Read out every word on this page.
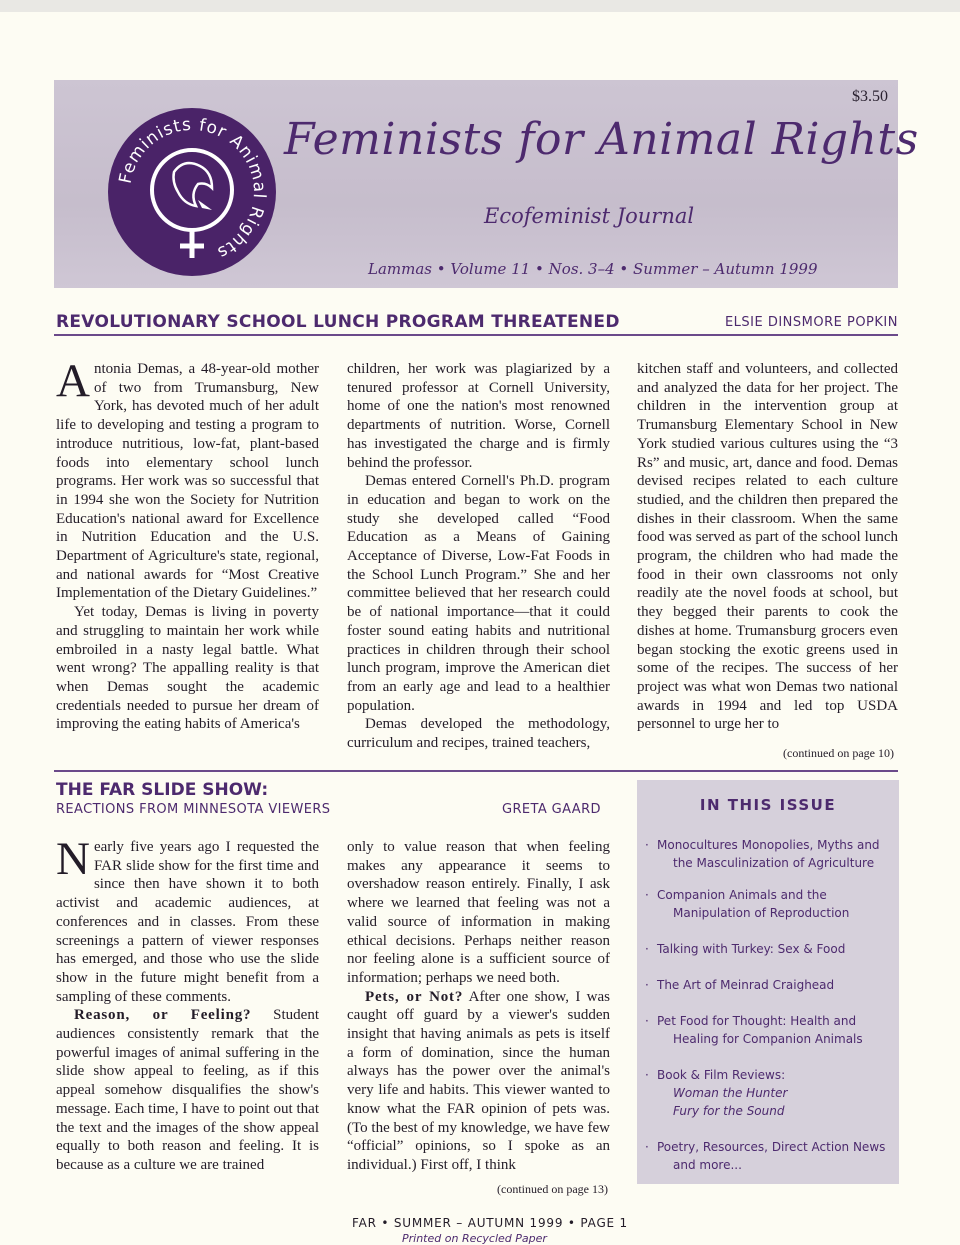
$3.50
Feminists for Animal Rights
Feminists for Animal Rights
Ecofeminist Journal
Lammas • Volume 11 • Nos. 3–4 • Summer – Autumn 1999
REVOLUTIONARY SCHOOL LUNCH PROGRAM THREATENED	ELSIE DINSMORE POPKIN

Antonia Demas, a 48-year-old mother of two from Trumansburg, New York, has devoted much of her adult life to developing and testing a program to introduce nutritious, low-fat, plant-based foods into elementary school lunch programs. Her work was so successful that in 1994 she won the Society for Nutrition Education's national award for Excellence in Nutrition Education and the U.S. Department of Agriculture's state, regional, and national awards for “Most Creative Implementation of the Dietary Guidelines.”

Yet today, Demas is living in poverty and struggling to maintain her work while embroiled in a nasty legal battle. What went wrong? The appalling reality is that when Demas sought the academic credentials needed to pursue her dream of improving the eating habits of America's

children, her work was plagiarized by a tenured professor at Cornell University, home of one the nation's most renowned departments of nutrition. Worse, Cornell has investigated the charge and is firmly behind the professor.

Demas entered Cornell's Ph.D. program in education and began to work on the study she developed called “Food Education as a Means of Gaining Acceptance of Diverse, Low-Fat Foods in the School Lunch Program.” She and her committee believed that her research could be of national importance—that it could foster sound eating habits and nutritional practices in children through their school lunch program, improve the American diet from an early age and lead to a healthier population.

Demas developed the methodology, curriculum and recipes, trained teachers,

kitchen staff and volunteers, and collected and analyzed the data for her project. The children in the intervention group at Trumansburg Elementary School in New York studied various cultures using the “3 Rs” and music, art, dance and food. Demas devised recipes related to each culture studied, and the children then prepared the dishes in their classroom. When the same food was served as part of the school lunch program, the children who had made the food in their own classrooms not only readily ate the novel foods at school, but they begged their parents to cook the dishes at home. Trumansburg grocers even began stocking the exotic greens used in some of the recipes. The success of her project was what won Demas two national awards in 1994 and led top USDA personnel to urge her to

(continued on page 10)
THE FAR SLIDE SHOW:
REACTIONS FROM MINNESOTA VIEWERS	GRETA GAARD

Nearly five years ago I requested the FAR slide show for the first time and since then have shown it to both activist and academic audiences, at conferences and in classes. From these screenings a pattern of viewer responses has emerged, and those who use the slide show in the future might benefit from a sampling of these comments.

Reason, or Feeling? Student audiences consistently remark that the powerful images of animal suffering in the slide show appeal to feeling, as if this appeal somehow disqualifies the show's message. Each time, I have to point out that the text and the images of the show appeal equally to both reason and feeling. It is because as a culture we are trained

only to value reason that when feeling makes any appearance it seems to overshadow reason entirely. Finally, I ask where we learned that feeling was not a valid source of information in making ethical decisions. Perhaps neither reason nor feeling alone is a sufficient source of information; perhaps we need both.

Pets, or Not? After one show, I was caught off guard by a viewer's sudden insight that having animals as pets is itself a form of domination, since the human always has the power over the animal's very life and habits. This viewer wanted to know what the FAR opinion of pets was. (To the best of my knowledge, we have few “official” opinions, so I spoke as an individual.) First off, I think

(continued on page 13)
IN THIS ISSUE
· Monocultures Monopolies, Myths and
the Masculinization of Agriculture
· Companion Animals and the
Manipulation of Reproduction
· Talking with Turkey: Sex & Food
· The Art of Meinrad Craighead
· Pet Food for Thought: Health and
Healing for Companion Animals
· Book & Film Reviews:
Woman the Hunter
Fury for the Sound
· Poetry, Resources, Direct Action News
and more...
FAR • SUMMER – AUTUMN 1999 • PAGE 1
Printed on Recycled Paper
